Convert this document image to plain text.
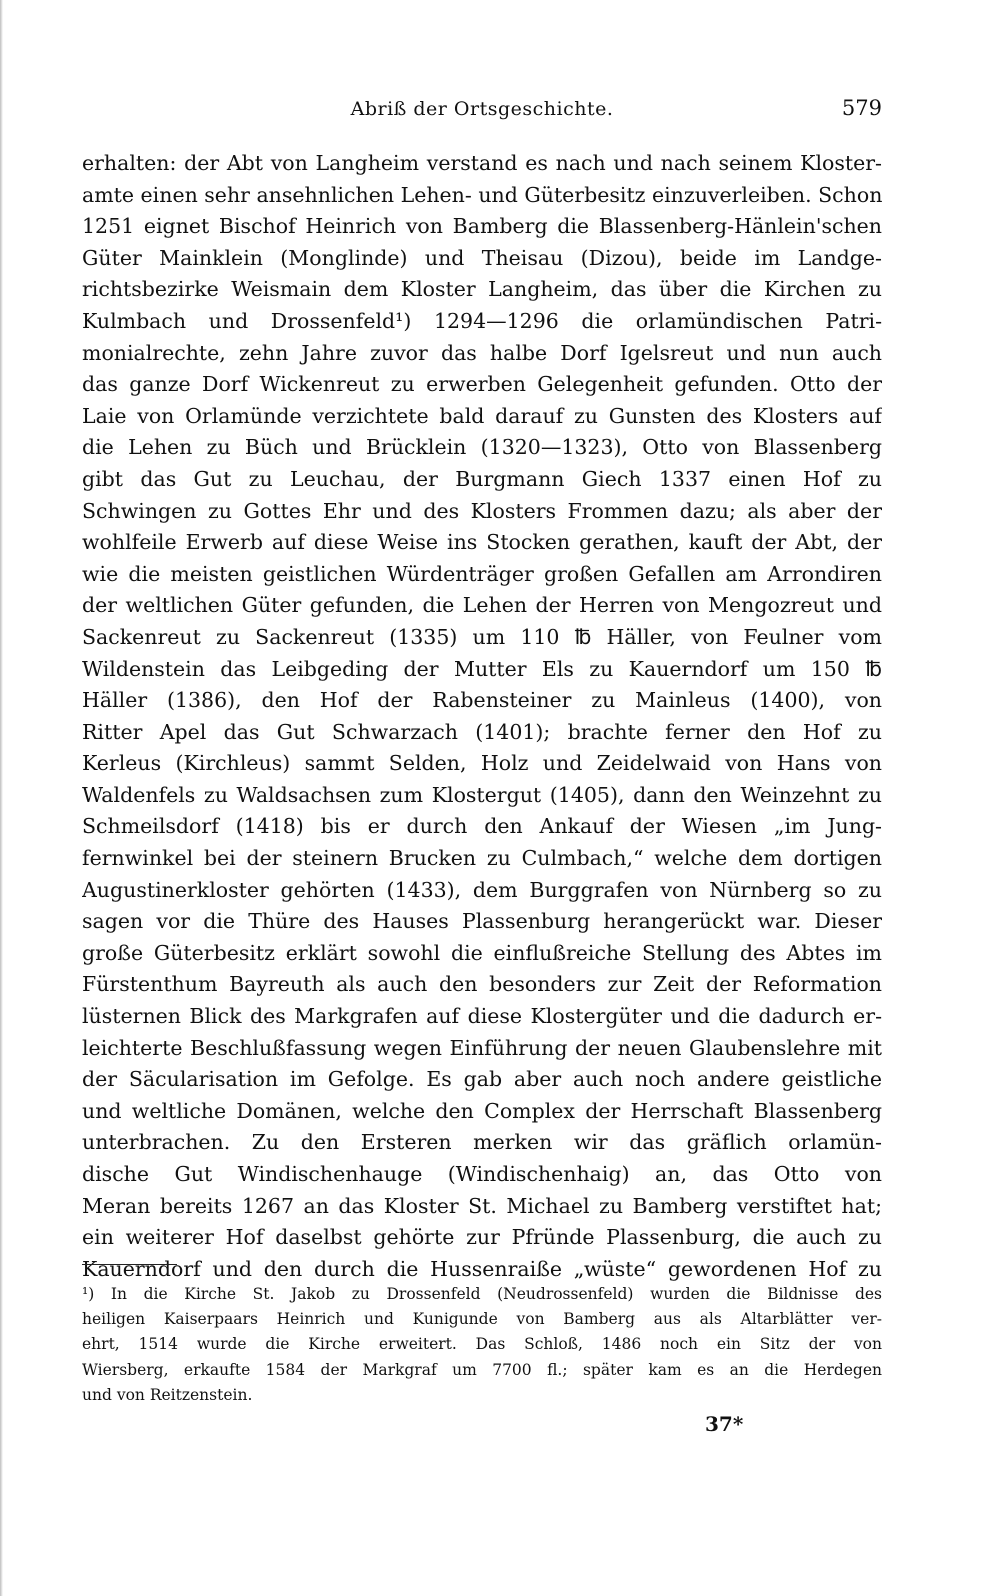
Abriß der Ortsgeschichte.	579
erhalten: der Abt von Langheim verstand es nach und nach seinem Kloster-
amte einen sehr ansehnlichen Lehen- und Güterbesitz einzuverleiben. Schon
1251 eignet Bischof Heinrich von Bamberg die Blassenberg-Hänlein'schen
Güter Mainklein (Monglinde) und Theisau (Dizou), beide im Landge-
richtsbezirke Weismain dem Kloster Langheim, das über die Kirchen zu
Kulmbach und Drossenfeld¹) 1294—1296 die orlamündischen Patri-
monialrechte, zehn Jahre zuvor das halbe Dorf Igelsreut und nun auch
das ganze Dorf Wickenreut zu erwerben Gelegenheit gefunden. Otto der
Laie von Orlamünde verzichtete bald darauf zu Gunsten des Klosters auf
die Lehen zu Büch und Brücklein (1320—1323), Otto von Blassenberg
gibt das Gut zu Leuchau, der Burgmann Giech 1337 einen Hof zu
Schwingen zu Gottes Ehr und des Klosters Frommen dazu; als aber der
wohlfeile Erwerb auf diese Weise ins Stocken gerathen, kauft der Abt, der
wie die meisten geistlichen Würdenträger großen Gefallen am Arrondiren
der weltlichen Güter gefunden, die Lehen der Herren von Mengozreut und
Sackenreut zu Sackenreut (1335) um 110 ℔ Häller, von Feulner vom
Wildenstein das Leibgeding der Mutter Els zu Kauerndorf um 150 ℔
Häller (1386), den Hof der Rabensteiner zu Mainleus (1400), von
Ritter Apel das Gut Schwarzach (1401); brachte ferner den Hof zu
Kerleus (Kirchleus) sammt Selden, Holz und Zeidelwaid von Hans von
Waldenfels zu Waldsachsen zum Klostergut (1405), dann den Weinzehnt zu
Schmeilsdorf (1418) bis er durch den Ankauf der Wiesen „im Jung-
fernwinkel bei der steinern Brucken zu Culmbach,“ welche dem dortigen
Augustinerkloster gehörten (1433), dem Burggrafen von Nürnberg so zu
sagen vor die Thüre des Hauses Plassenburg herangerückt war. Dieser
große Güterbesitz erklärt sowohl die einflußreiche Stellung des Abtes im
Fürstenthum Bayreuth als auch den besonders zur Zeit der Reformation
lüsternen Blick des Markgrafen auf diese Klostergüter und die dadurch er-
leichterte Beschlußfassung wegen Einführung der neuen Glaubenslehre mit
der Säcularisation im Gefolge. Es gab aber auch noch andere geistliche
und weltliche Domänen, welche den Complex der Herrschaft Blassenberg
unterbrachen. Zu den Ersteren merken wir das gräflich orlamün-
dische Gut Windischenhauge (Windischenhaig) an, das Otto von
Meran bereits 1267 an das Kloster St. Michael zu Bamberg verstiftet hat;
ein weiterer Hof daselbst gehörte zur Pfründe Plassenburg, die auch zu
Kauerndorf und den durch die Hussenraiße „wüste“ gewordenen Hof zu
¹) In die Kirche St. Jakob zu Drossenfeld (Neudrossenfeld) wurden die Bildnisse des
heiligen Kaiserpaars Heinrich und Kunigunde von Bamberg aus als Altarblätter ver-
ehrt, 1514 wurde die Kirche erweitert. Das Schloß, 1486 noch ein Sitz der von
Wiersberg, erkaufte 1584 der Markgraf um 7700 fl.; später kam es an die Herdegen
und von Reitzenstein.
37*
